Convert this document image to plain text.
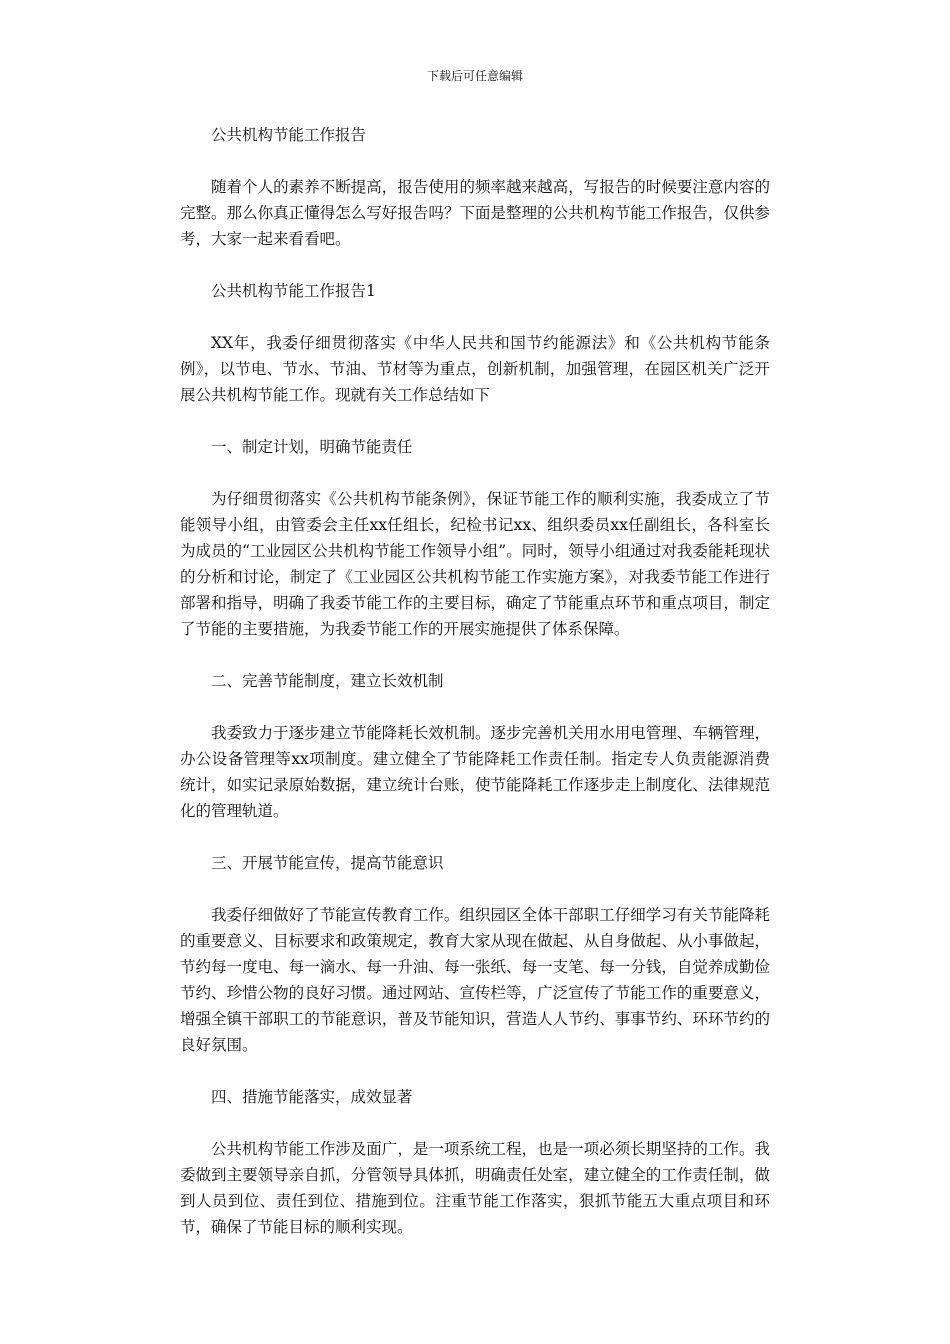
下载后可任意编辑

公共机构节能工作报告

随着个人的素养不断提高，报告使用的频率越来越高，写报告的时候要注意内容的完整。那么你真正懂得怎么写好报告吗？下面是整理的公共机构节能工作报告，仅供参考，大家一起来看看吧。

公共机构节能工作报告1

XX年，我委仔细贯彻落实《中华人民共和国节约能源法》和《公共机构节能条例》，以节电、节水、节油、节材等为重点，创新机制，加强管理，在园区机关广泛开展公共机构节能工作。现就有关工作总结如下

一、制定计划，明确节能责任

为仔细贯彻落实《公共机构节能条例》，保证节能工作的顺利实施，我委成立了节能领导小组，由管委会主任xx任组长，纪检书记xx、组织委员xx任副组长，各科室长为成员的“工业园区公共机构节能工作领导小组”。同时，领导小组通过对我委能耗现状的分析和讨论，制定了《工业园区公共机构节能工作实施方案》，对我委节能工作进行部署和指导，明确了我委节能工作的主要目标，确定了节能重点环节和重点项目，制定了节能的主要措施，为我委节能工作的开展实施提供了体系保障。

二、完善节能制度，建立长效机制

我委致力于逐步建立节能降耗长效机制。逐步完善机关用水用电管理、车辆管理，办公设备管理等xx项制度。建立健全了节能降耗工作责任制。指定专人负责能源消费统计，如实记录原始数据，建立统计台账，使节能降耗工作逐步走上制度化、法律规范化的管理轨道。

三、开展节能宣传，提高节能意识

我委仔细做好了节能宣传教育工作。组织园区全体干部职工仔细学习有关节能降耗的重要意义、目标要求和政策规定，教育大家从现在做起、从自身做起、从小事做起，节约每一度电、每一滴水、每一升油、每一张纸、每一支笔、每一分钱，自觉养成勤俭节约、珍惜公物的良好习惯。通过网站、宣传栏等，广泛宣传了节能工作的重要意义，增强全镇干部职工的节能意识，普及节能知识，营造人人节约、事事节约、环环节约的良好氛围。

四、措施节能落实，成效显著

公共机构节能工作涉及面广，是一项系统工程，也是一项必须长期坚持的工作。我委做到主要领导亲自抓，分管领导具体抓，明确责任处室，建立健全的工作责任制，做到人员到位、责任到位、措施到位。注重节能工作落实，狠抓节能五大重点项目和环节，确保了节能目标的顺利实现。
